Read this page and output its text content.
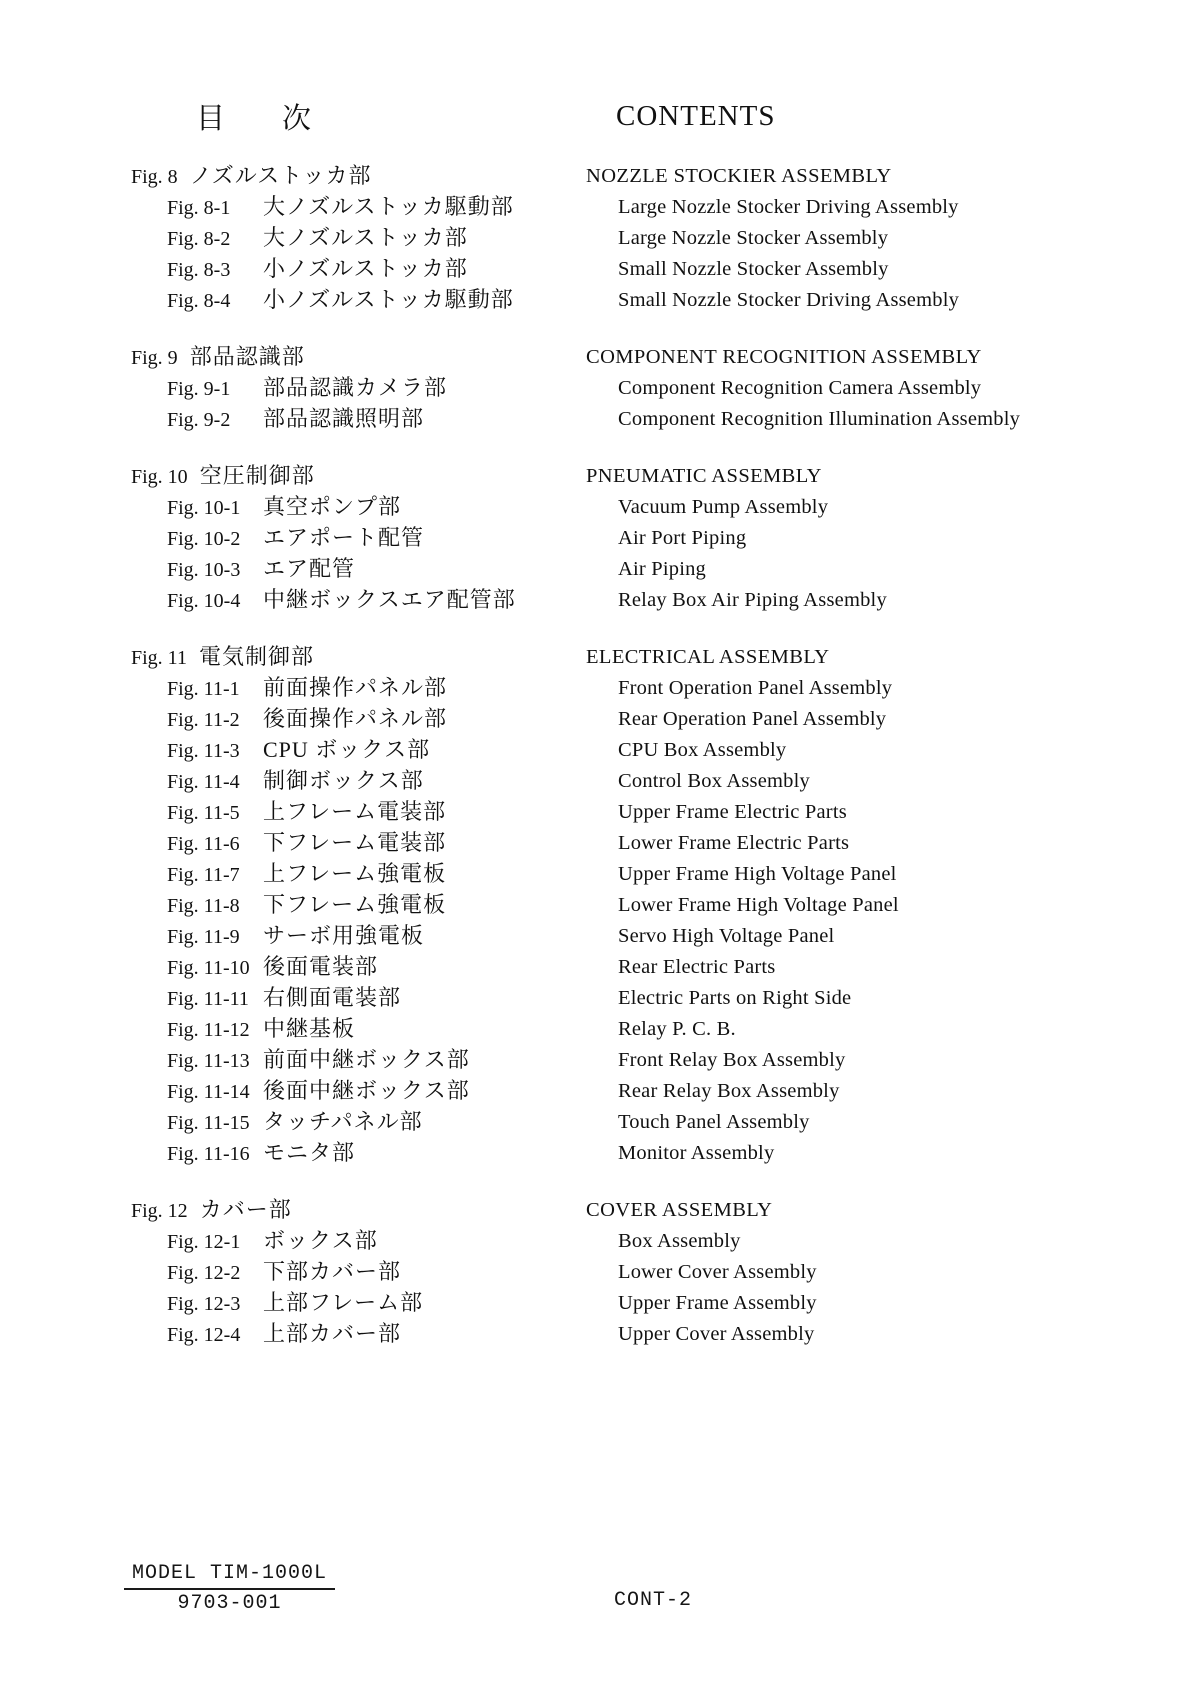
目　次	CONTENTS
Fig. 8 ノズルストッカ部	NOZZLE STOCKIER ASSEMBLY
Fig. 8-1 大ノズルストッカ駆動部	Large Nozzle Stocker Driving Assembly
Fig. 8-2 大ノズルストッカ部	Large Nozzle Stocker Assembly
Fig. 8-3 小ノズルストッカ部	Small Nozzle Stocker Assembly
Fig. 8-4 小ノズルストッカ駆動部	Small Nozzle Stocker Driving Assembly
Fig. 9 部品認識部	COMPONENT RECOGNITION ASSEMBLY
Fig. 9-1 部品認識カメラ部	Component Recognition Camera Assembly
Fig. 9-2 部品認識照明部	Component Recognition Illumination Assembly
Fig. 10 空圧制御部	PNEUMATIC ASSEMBLY
Fig. 10-1 真空ポンプ部	Vacuum Pump Assembly
Fig. 10-2 エアポート配管	Air Port Piping
Fig. 10-3 エア配管	Air Piping
Fig. 10-4 中継ボックスエア配管部	Relay Box Air Piping Assembly
Fig. 11 電気制御部	ELECTRICAL ASSEMBLY
Fig. 11-1 前面操作パネル部	Front Operation Panel Assembly
Fig. 11-2 後面操作パネル部	Rear Operation Panel Assembly
Fig. 11-3 CPU ボックス部	CPU Box Assembly
Fig. 11-4 制御ボックス部	Control Box Assembly
Fig. 11-5 上フレーム電装部	Upper Frame Electric Parts
Fig. 11-6 下フレーム電装部	Lower Frame Electric Parts
Fig. 11-7 上フレーム強電板	Upper Frame High Voltage Panel
Fig. 11-8 下フレーム強電板	Lower Frame High Voltage Panel
Fig. 11-9 サーボ用強電板	Servo High Voltage Panel
Fig. 11-10 後面電装部	Rear Electric Parts
Fig. 11-11 右側面電装部	Electric Parts on Right Side
Fig. 11-12 中継基板	Relay P. C. B.
Fig. 11-13 前面中継ボックス部	Front Relay Box Assembly
Fig. 11-14 後面中継ボックス部	Rear Relay Box Assembly
Fig. 11-15 タッチパネル部	Touch Panel Assembly
Fig. 11-16 モニタ部	Monitor Assembly
Fig. 12 カバー部	COVER ASSEMBLY
Fig. 12-1 ボックス部	Box Assembly
Fig. 12-2 下部カバー部	Lower Cover Assembly
Fig. 12-3 上部フレーム部	Upper Frame Assembly
Fig. 12-4 上部カバー部	Upper Cover Assembly
MODEL TIM-1000L
9703-001	CONT-2
